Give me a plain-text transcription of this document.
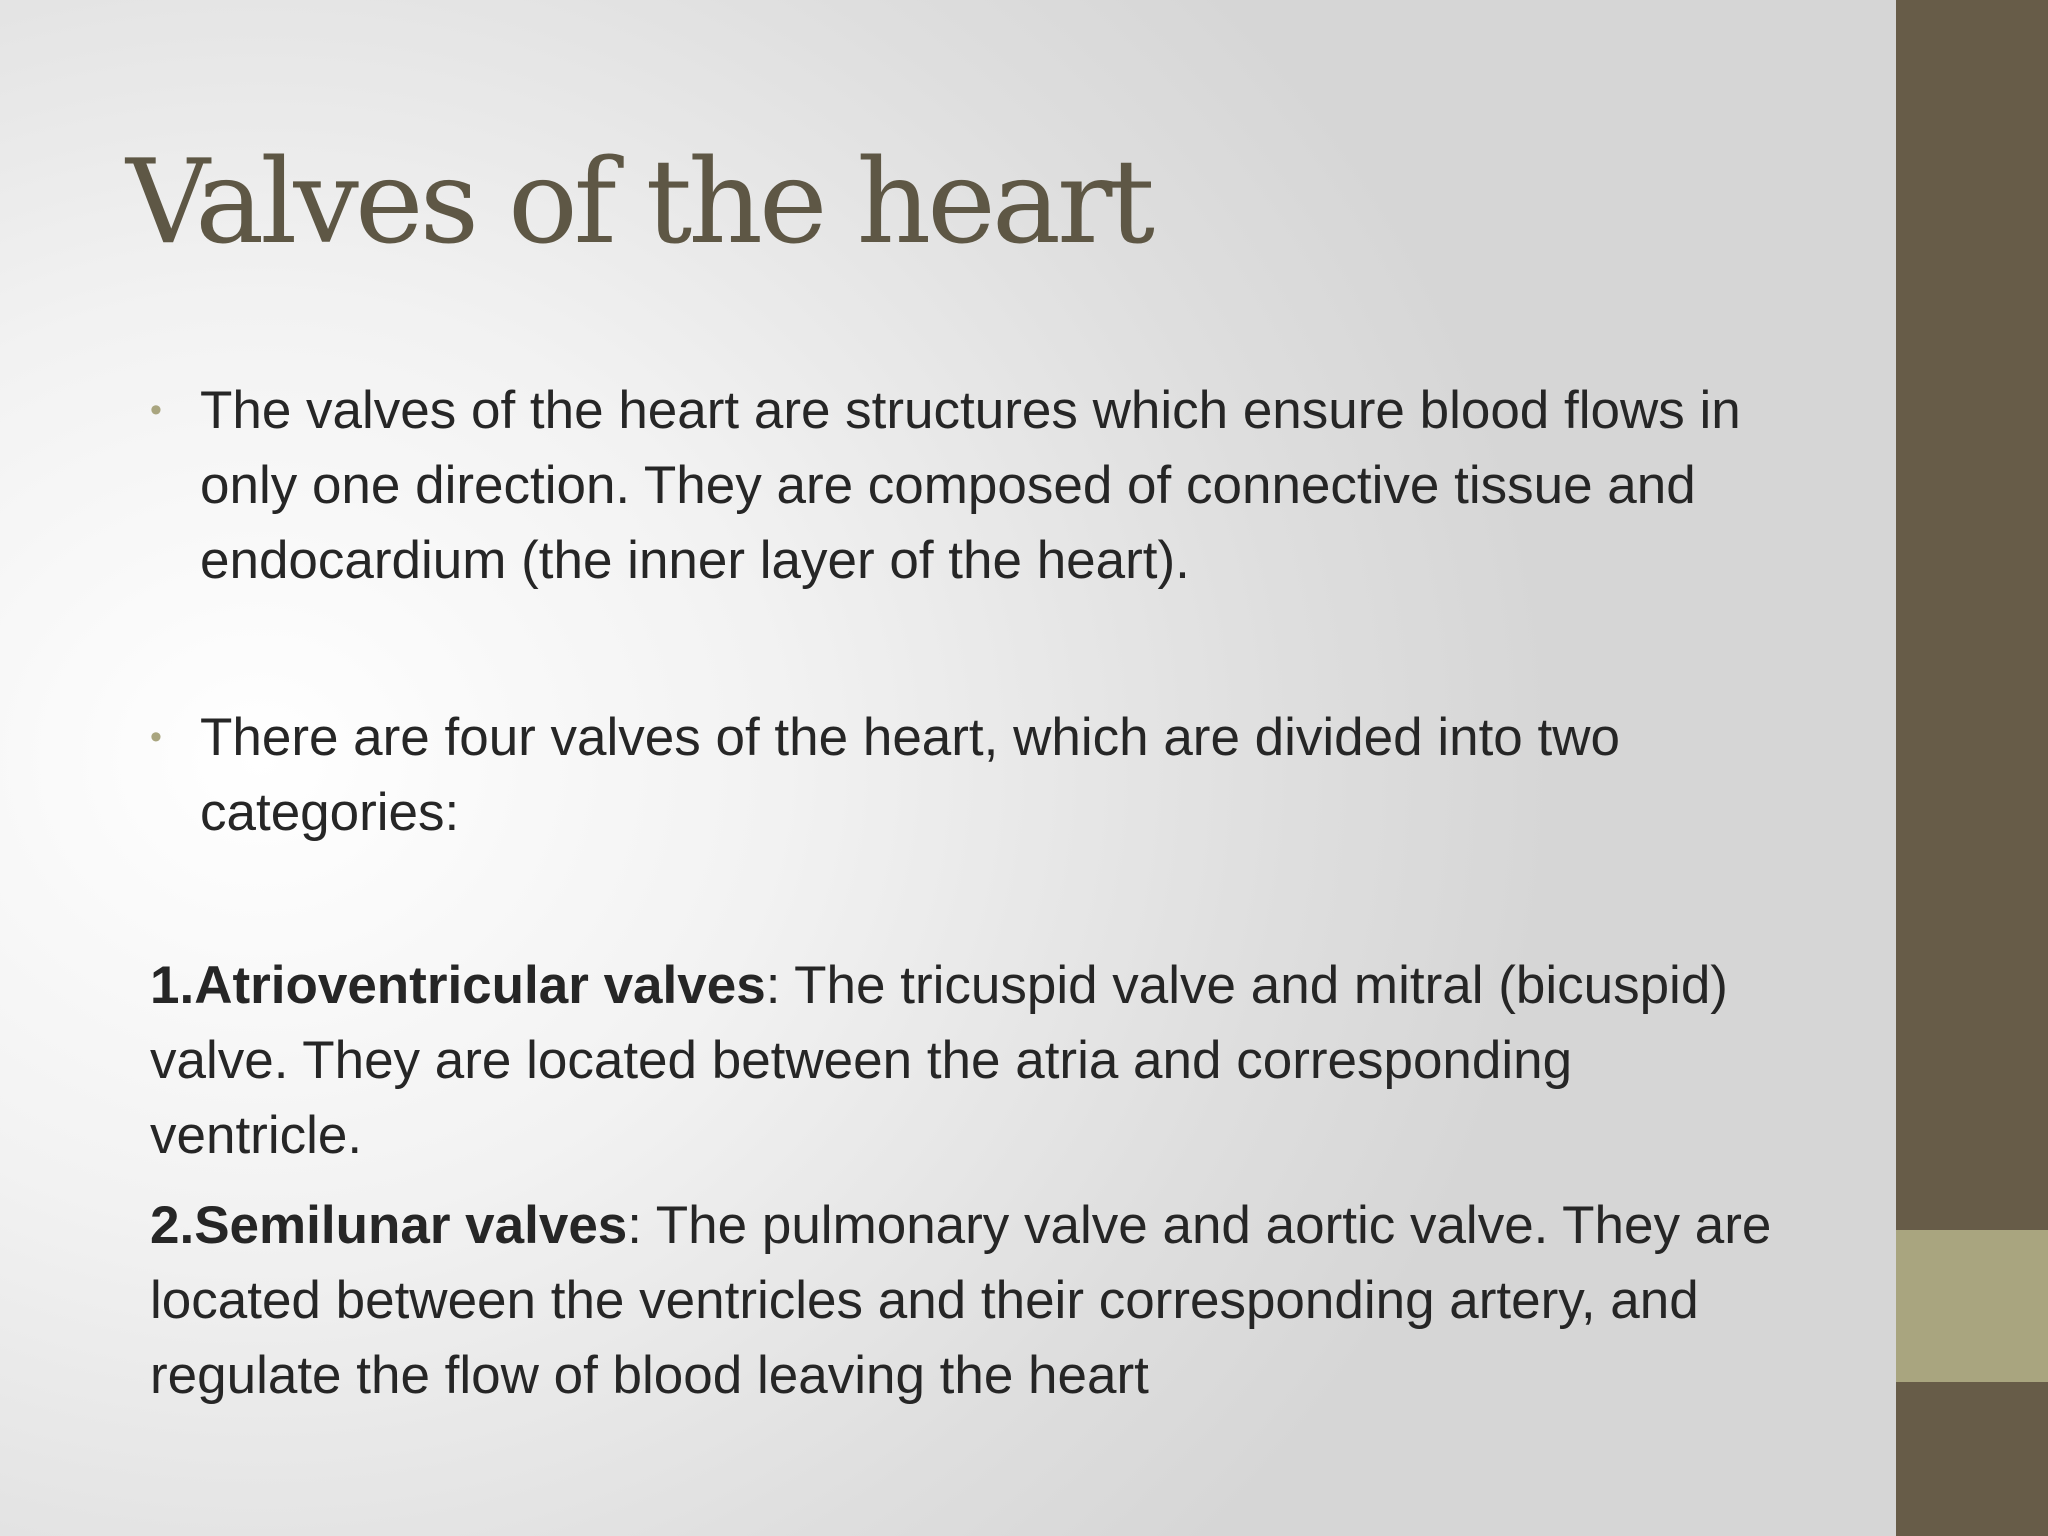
Valves of the heart

• The valves of the heart are structures which ensure blood flows in only one direction. They are composed of connective tissue and endocardium (the inner layer of the heart).

• There are four valves of the heart, which are divided into two categories:

1.Atrioventricular valves: The tricuspid valve and mitral (bicuspid) valve. They are located between the atria and corresponding ventricle.

2.Semilunar valves: The pulmonary valve and aortic valve. They are located between the ventricles and their corresponding artery, and regulate the flow of blood leaving the heart
